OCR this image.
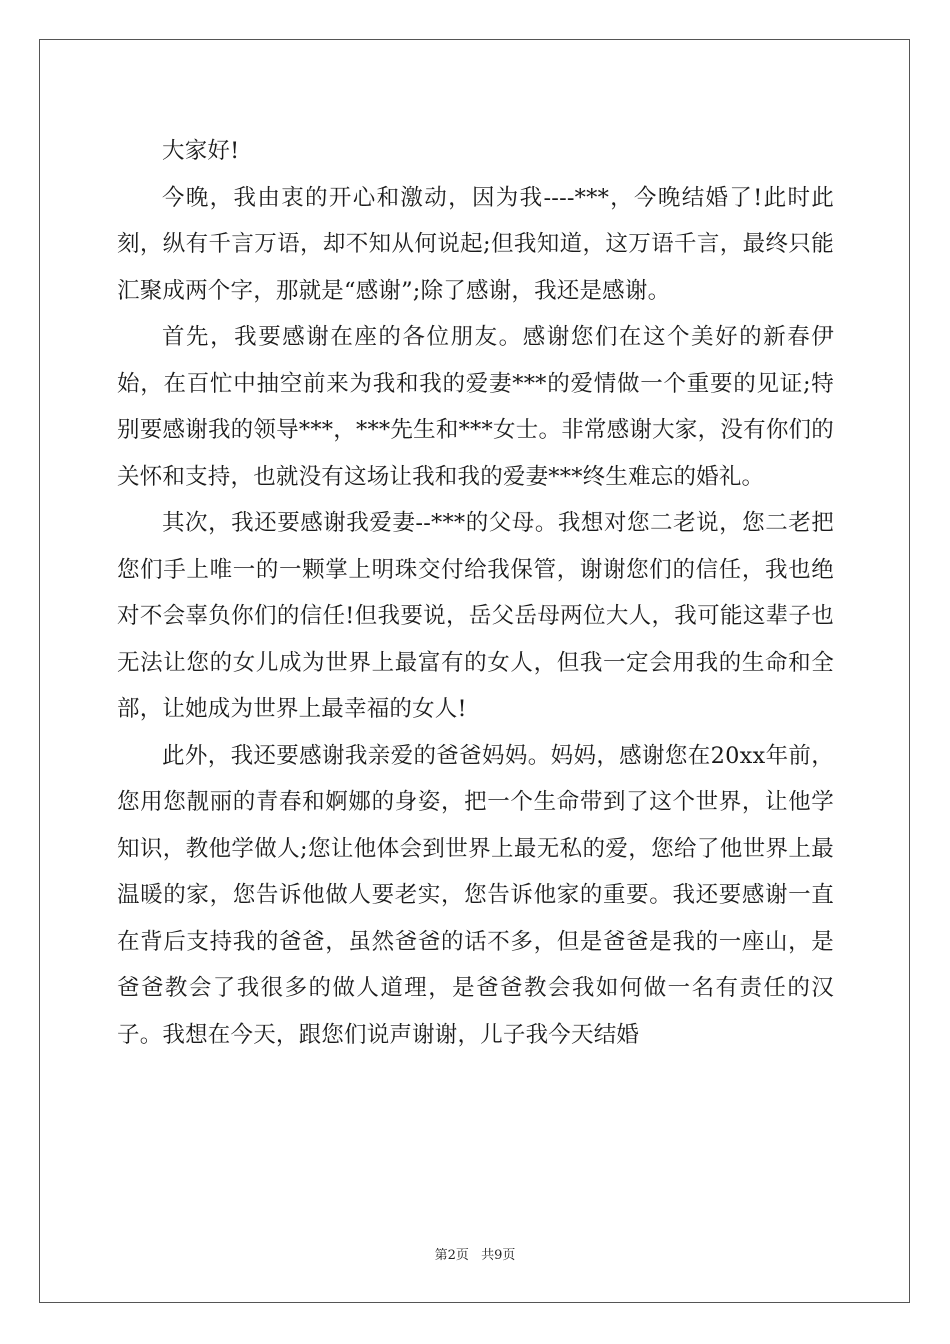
大家好!

今晚，我由衷的开心和激动，因为我----***，今晚结婚了!此时此刻，纵有千言万语，却不知从何说起;但我知道，这万语千言，最终只能汇聚成两个字，那就是“感谢”;除了感谢，我还是感谢。

首先，我要感谢在座的各位朋友。感谢您们在这个美好的新春伊始，在百忙中抽空前来为我和我的爱妻***的爱情做一个重要的见证;特别要感谢我的领导***，***先生和***女士。非常感谢大家，没有你们的关怀和支持，也就没有这场让我和我的爱妻***终生难忘的婚礼。

其次，我还要感谢我爱妻--***的父母。我想对您二老说，您二老把您们手上唯一的一颗掌上明珠交付给我保管，谢谢您们的信任，我也绝对不会辜负你们的信任!但我要说，岳父岳母两位大人，我可能这辈子也无法让您的女儿成为世界上最富有的女人，但我一定会用我的生命和全部，让她成为世界上最幸福的女人!

此外，我还要感谢我亲爱的爸爸妈妈。妈妈，感谢您在20xx年前，您用您靓丽的青春和婀娜的身姿，把一个生命带到了这个世界，让他学知识，教他学做人;您让他体会到世界上最无私的爱，您给了他世界上最温暖的家，您告诉他做人要老实，您告诉他家的重要。我还要感谢一直在背后支持我的爸爸，虽然爸爸的话不多，但是爸爸是我的一座山，是爸爸教会了我很多的做人道理，是爸爸教会我如何做一名有责任的汉子。我想在今天，跟您们说声谢谢，儿子我今天结婚

第2页 共9页
